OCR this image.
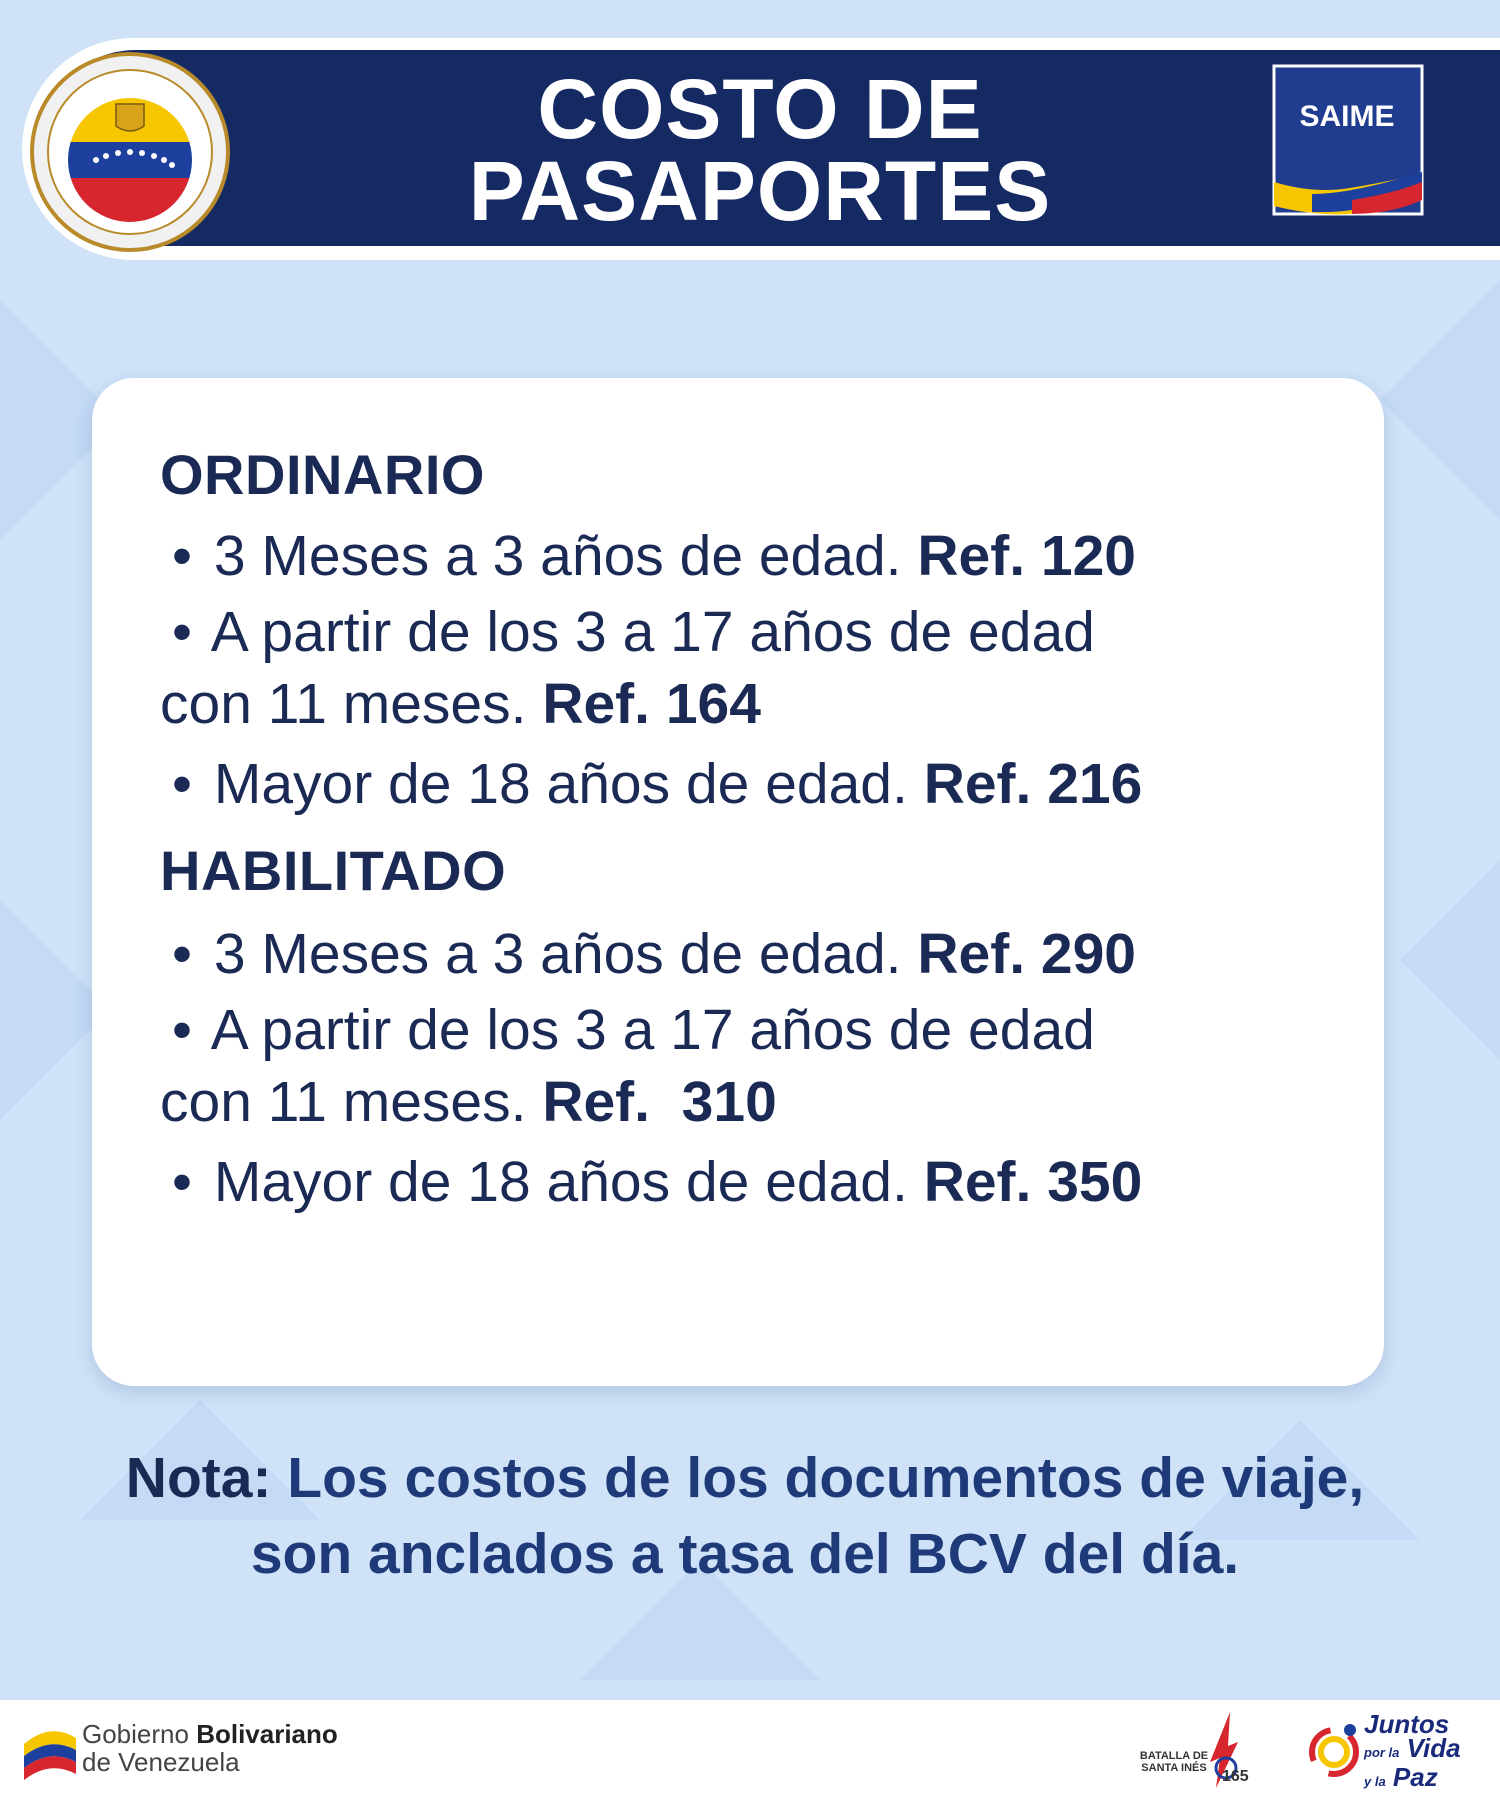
COSTO DE
PASAPORTES
SAIME
ORDINARIO
• 3 Meses a 3 años de edad. Ref. 120
• A partir de los 3 a 17 años de edad
con 11 meses. Ref. 164
• Mayor de 18 años de edad. Ref. 216
HABILITADO
• 3 Meses a 3 años de edad. Ref. 290
• A partir de los 3 a 17 años de edad
con 11 meses. Ref.  310
• Mayor de 18 años de edad. Ref. 350
Nota: Los costos de los documentos de viaje, son anclados a tasa del BCV del día.
Gobierno Bolivariano
de Venezuela	BATALLA DE SANTA INÉS 165
Juntos
por la Vida
y la Paz
